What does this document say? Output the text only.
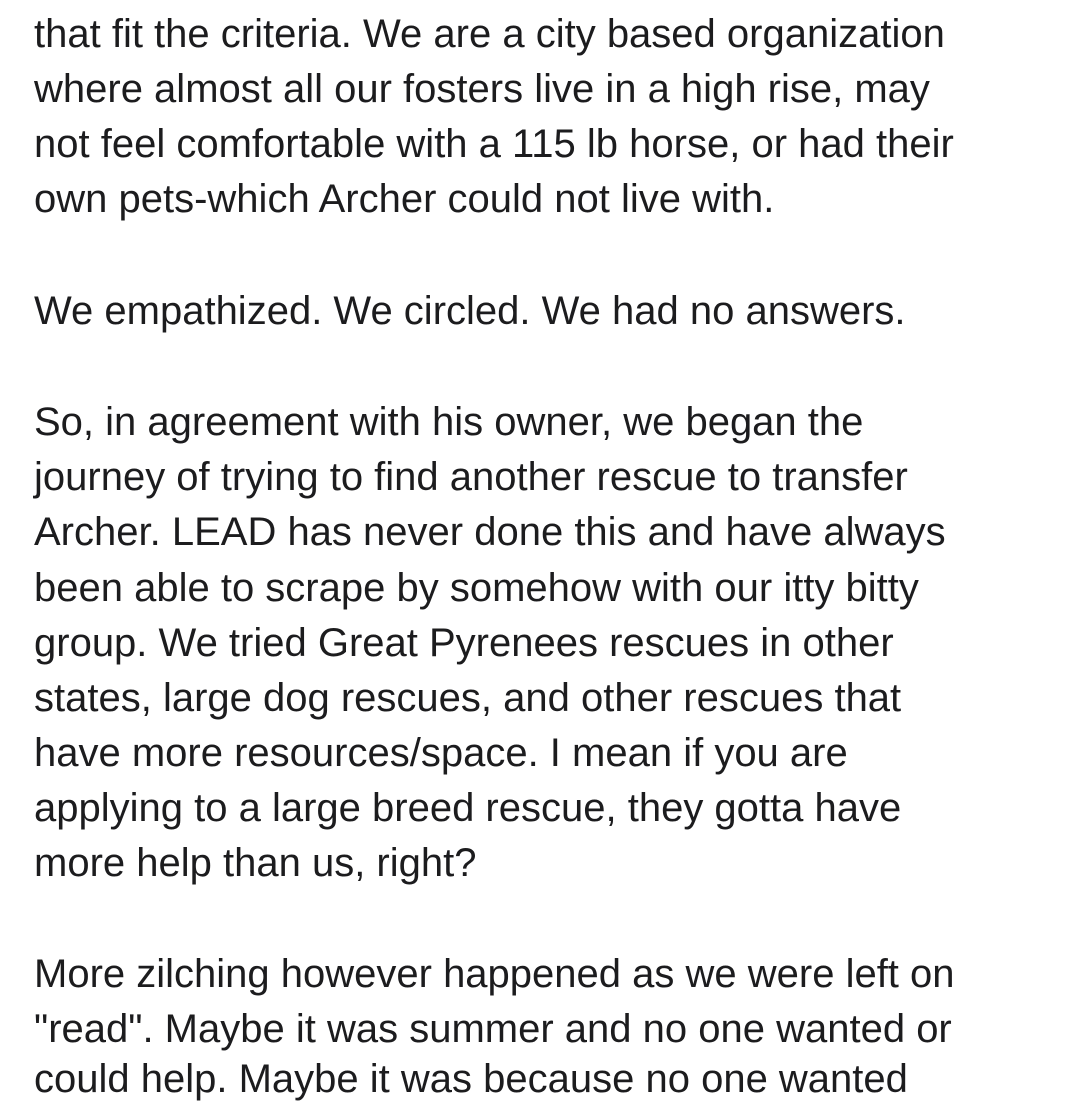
that fit the criteria. We are a city based organization
where almost all our fosters live in a high rise, may
not feel comfortable with a 115 lb horse, or had their
own pets-which Archer could not live with.
We empathized. We circled. We had no answers.
So, in agreement with his owner, we began the
journey of trying to find another rescue to transfer
Archer. LEAD has never done this and have always
been able to scrape by somehow with our itty bitty
group. We tried Great Pyrenees rescues in other
states, large dog rescues, and other rescues that
have more resources/space. I mean if you are
applying to a large breed rescue, they gotta have
more help than us, right?
More zilching however happened as we were left on
"read". Maybe it was summer and no one wanted or
could help. Maybe it was because no one wanted
